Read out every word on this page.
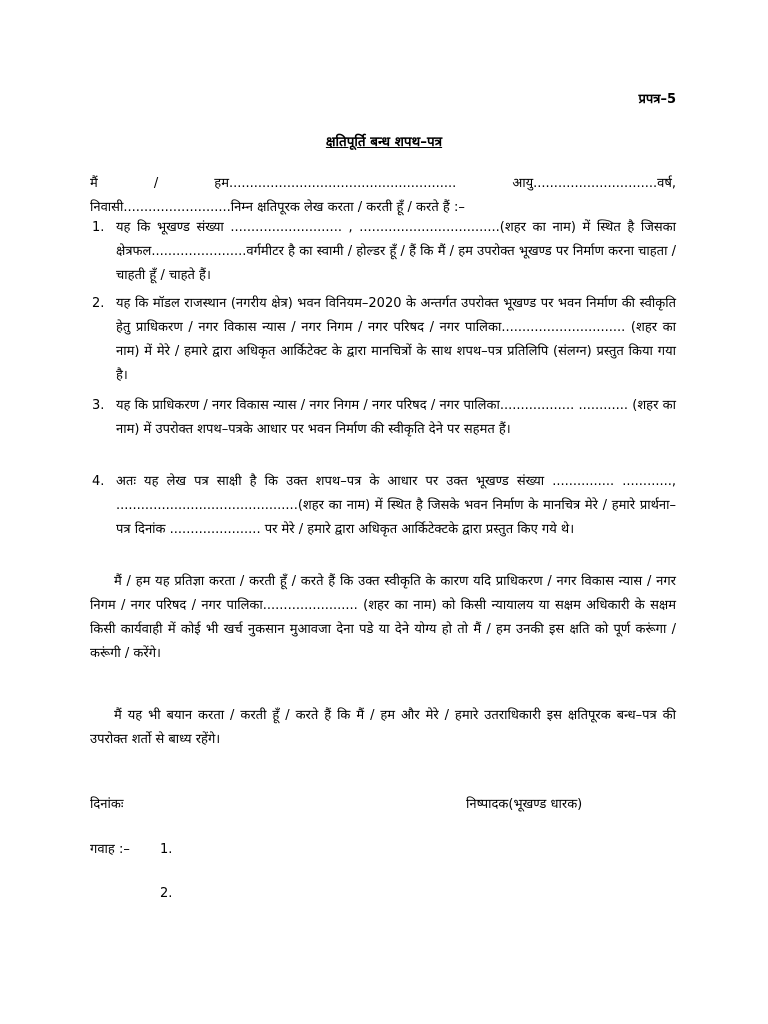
प्रपत्र–5
क्षतिपूर्ति बन्ध शपथ–पत्र
मैं / हम....................................................... आयु..............................वर्ष, निवासी..........................निम्न क्षतिपूरक लेख करता / करती हूँ / करते हैं :–
1. यह कि भूखण्ड संख्या ........................... , ..................................(शहर का नाम) में स्थित है जिसका क्षेत्रफल.......................वर्गमीटर है का स्वामी / होल्डर हूँ / हैं कि मैं / हम उपरोक्त भूखण्ड पर निर्माण करना चाहता / चाहती हूँ / चाहते हैं।
2. यह कि मॉडल राजस्थान (नगरीय क्षेत्र) भवन विनियम–2020 के अन्तर्गत उपरोक्त भूखण्ड पर भवन निर्माण की स्वीकृति हेतु प्राधिकरण / नगर विकास न्यास / नगर निगम / नगर परिषद / नगर पालिका.............................. (शहर का नाम) में मेरे / हमारे द्वारा अधिकृत आर्किटेक्ट के द्वारा मानचित्रों के साथ शपथ–पत्र प्रतिलिपि (संलग्न) प्रस्तुत किया गया है।
3. यह कि प्राधिकरण / नगर विकास न्यास / नगर निगम / नगर परिषद / नगर पालिका.................. ............ (शहर का नाम) में उपरोक्त शपथ–पत्रके आधार पर भवन निर्माण की स्वीकृति देने पर सहमत हैं।
4. अतः यह लेख पत्र साक्षी है कि उक्त शपथ–पत्र के आधार पर उक्त भूखण्ड संख्या ............... ............, ............................................(शहर का नाम) में स्थित है जिसके भवन निर्माण के मानचित्र मेरे / हमारे प्रार्थना–पत्र दिनांक ...................... पर मेरे / हमारे द्वारा अधिकृत आर्किटेक्टके द्वारा प्रस्तुत किए गये थे।
मैं / हम यह प्रतिज्ञा करता / करती हूँ / करते हैं कि उक्त स्वीकृति के कारण यदि प्राधिकरण / नगर विकास न्यास / नगर निगम / नगर परिषद / नगर पालिका....................... (शहर का नाम) को किसी न्यायालय या सक्षम अधिकारी के सक्षम किसी कार्यवाही में कोई भी खर्च नुकसान मुआवजा देना पडे या देने योग्य हो तो मैं / हम उनकी इस क्षति को पूर्ण करूंगा / करूंगी / करेंगे।
मैं यह भी बयान करता / करती हूँ / करते हैं कि मैं / हम और मेरे / हमारे उतराधिकारी इस क्षतिपूरक बन्ध–पत्र की उपरोक्त शर्तो से बाध्य रहेंगे।
दिनांकः	निष्पादक(भूखण्ड धारक)
गवाह :– 1.
2.
